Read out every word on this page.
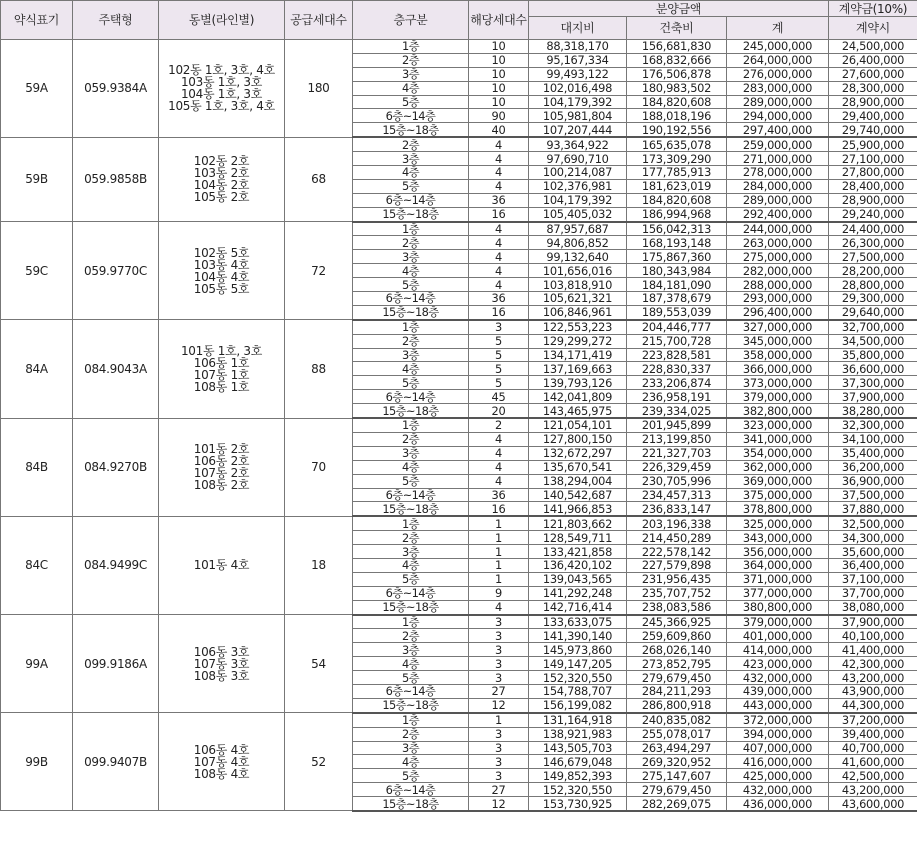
약식표기	주택형	동별(라인별)	공급세대수	층구분	해당세대수	분양금액			계약금(10%)
						대지비	건축비	계	계약시
59A	059.9384A	102동 1호, 3호, 4호
103동 1호, 3호
104동 1호, 3호
105동 1호, 3호, 4호	180	1층	10	88,318,170	156,681,830	245,000,000	24,500,000
				2층	10	95,167,334	168,832,666	264,000,000	26,400,000
				3층	10	99,493,122	176,506,878	276,000,000	27,600,000
				4층	10	102,016,498	180,983,502	283,000,000	28,300,000
				5층	10	104,179,392	184,820,608	289,000,000	28,900,000
				6층~14층	90	105,981,804	188,018,196	294,000,000	29,400,000
				15층~18층	40	107,207,444	190,192,556	297,400,000	29,740,000
59B	059.9858B	102동 2호
103동 2호
104동 2호
105동 2호	68	2층	4	93,364,922	165,635,078	259,000,000	25,900,000
				3층	4	97,690,710	173,309,290	271,000,000	27,100,000
				4층	4	100,214,087	177,785,913	278,000,000	27,800,000
				5층	4	102,376,981	181,623,019	284,000,000	28,400,000
				6층~14층	36	104,179,392	184,820,608	289,000,000	28,900,000
				15층~18층	16	105,405,032	186,994,968	292,400,000	29,240,000
59C	059.9770C	102동 5호
103동 4호
104동 4호
105동 5호	72	1층	4	87,957,687	156,042,313	244,000,000	24,400,000
				2층	4	94,806,852	168,193,148	263,000,000	26,300,000
				3층	4	99,132,640	175,867,360	275,000,000	27,500,000
				4층	4	101,656,016	180,343,984	282,000,000	28,200,000
				5층	4	103,818,910	184,181,090	288,000,000	28,800,000
				6층~14층	36	105,621,321	187,378,679	293,000,000	29,300,000
				15층~18층	16	106,846,961	189,553,039	296,400,000	29,640,000
84A	084.9043A	101동 1호, 3호
106동 1호
107동 1호
108동 1호	88	1층	3	122,553,223	204,446,777	327,000,000	32,700,000
				2층	5	129,299,272	215,700,728	345,000,000	34,500,000
				3층	5	134,171,419	223,828,581	358,000,000	35,800,000
				4층	5	137,169,663	228,830,337	366,000,000	36,600,000
				5층	5	139,793,126	233,206,874	373,000,000	37,300,000
				6층~14층	45	142,041,809	236,958,191	379,000,000	37,900,000
				15층~18층	20	143,465,975	239,334,025	382,800,000	38,280,000
84B	084.9270B	101동 2호
106동 2호
107동 2호
108동 2호	70	1층	2	121,054,101	201,945,899	323,000,000	32,300,000
				2층	4	127,800,150	213,199,850	341,000,000	34,100,000
				3층	4	132,672,297	221,327,703	354,000,000	35,400,000
				4층	4	135,670,541	226,329,459	362,000,000	36,200,000
				5층	4	138,294,004	230,705,996	369,000,000	36,900,000
				6층~14층	36	140,542,687	234,457,313	375,000,000	37,500,000
				15층~18층	16	141,966,853	236,833,147	378,800,000	37,880,000
84C	084.9499C	101동 4호	18	1층	1	121,803,662	203,196,338	325,000,000	32,500,000
				2층	1	128,549,711	214,450,289	343,000,000	34,300,000
				3층	1	133,421,858	222,578,142	356,000,000	35,600,000
				4층	1	136,420,102	227,579,898	364,000,000	36,400,000
				5층	1	139,043,565	231,956,435	371,000,000	37,100,000
				6층~14층	9	141,292,248	235,707,752	377,000,000	37,700,000
				15층~18층	4	142,716,414	238,083,586	380,800,000	38,080,000
99A	099.9186A	106동 3호
107동 3호
108동 3호	54	1층	3	133,633,075	245,366,925	379,000,000	37,900,000
				2층	3	141,390,140	259,609,860	401,000,000	40,100,000
				3층	3	145,973,860	268,026,140	414,000,000	41,400,000
				4층	3	149,147,205	273,852,795	423,000,000	42,300,000
				5층	3	152,320,550	279,679,450	432,000,000	43,200,000
				6층~14층	27	154,788,707	284,211,293	439,000,000	43,900,000
				15층~18층	12	156,199,082	286,800,918	443,000,000	44,300,000
99B	099.9407B	106동 4호
107동 4호
108동 4호	52	1층	1	131,164,918	240,835,082	372,000,000	37,200,000
				2층	3	138,921,983	255,078,017	394,000,000	39,400,000
				3층	3	143,505,703	263,494,297	407,000,000	40,700,000
				4층	3	146,679,048	269,320,952	416,000,000	41,600,000
				5층	3	149,852,393	275,147,607	425,000,000	42,500,000
				6층~14층	27	152,320,550	279,679,450	432,000,000	43,200,000
				15층~18층	12	153,730,925	282,269,075	436,000,000	43,600,000
